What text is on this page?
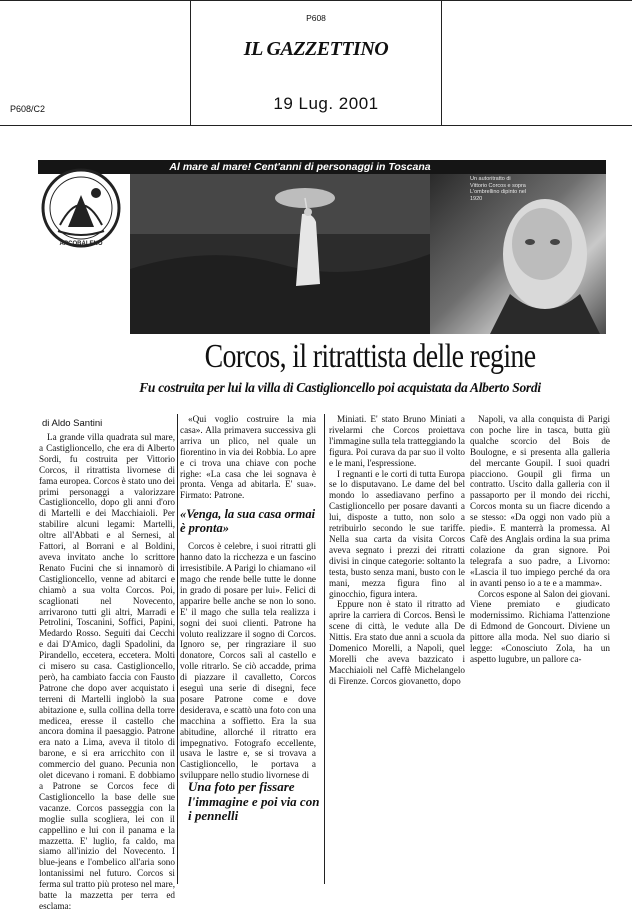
P608
IL GAZZETTINO
P608/C2	19 Lug. 2001
Al mare al mare! Cent'anni di personaggi in Toscana
ARCOBALENO
Un autoritratto di Vittorio Corcos e sopra L'ombrellino dipinto nel 1920
Corcos, il ritrattista delle regine
Fu costruita per lui la villa di Castiglioncello poi acquistata da Alberto Sordi
di Aldo Santini

La grande villa quadrata sul mare, a Castiglioncello, che era di Alberto Sordi, fu costruita per Vittorio Corcos, il ritrattista livornese di fama europea. Corcos è stato uno dei primi personaggi a valorizzare Castiglioncello, dopo gli anni d'oro di Martelli e dei Macchiaioli. Per stabilire alcuni legami: Martelli, oltre all'Abbati e al Sernesi, al Fattori, al Borrani e al Boldini, aveva invitato anche lo scrittore Renato Fucini che si innamorò di Castiglioncello, venne ad abitarci e chiamò a sua volta Corcos. Poi, scaglionati nel Novecento, arrivarono tutti gli altri, Marradi e Petrolini, Toscanini, Soffici, Papini, Medardo Rosso. Seguiti dai Cecchi e dai D'Amico, dagli Spadolini, da Pirandello, eccetera, eccetera. Molti ci misero su casa. Castiglioncello, però, ha cambiato faccia con Fausto Patrone che dopo aver acquistato i terreni di Martelli inglobò la sua abitazione e, sulla collina della torre medicea, eresse il castello che ancora domina il paesaggio. Patrone era nato a Lima, aveva il titolo di barone, e si era arricchito con il commercio del guano. Pecunia non olet dicevano i romani. E dobbiamo a Patrone se Corcos fece di Castiglioncello la base delle sue vacanze. Corcos passeggia con la moglie sulla scogliera, lei con il cappellino e lui con il panama e la mazzetta. E' luglio, fa caldo, ma siamo all'inizio del Novecento. I blue-jeans e l'ombelico all'aria sono lontanissimi nel futuro. Corcos si ferma sul tratto più proteso nel mare, batte la mazzetta per terra ed esclama:

«Qui voglio costruire la mia casa». Alla primavera successiva gli arriva un plico, nel quale un fiorentino in via dei Robbia. Lo apre e ci trova una chiave con poche righe: «La casa che lei sognava è pronta. Venga ad abitarla. E' sua». Firmato: Patrone.

«Venga, la sua casa ormai è pronta»

Corcos è celebre, i suoi ritratti gli hanno dato la ricchezza e un fascino irresistibile. A Parigi lo chiamano «il mago che rende belle tutte le donne in grado di posare per lui». Felici di apparire belle anche se non lo sono. E' il mago che sulla tela realizza i sogni dei suoi clienti. Patrone ha voluto realizzare il sogno di Corcos. Ignoro se, per ringraziare il suo donatore, Corcos salì al castello e volle ritrarlo. Se ciò accadde, prima di piazzare il cavalletto, Corcos eseguì una serie di disegni, fece posare Patrone come e dove desiderava, e scattò una foto con una macchina a soffietto. Era la sua abitudine, allorché il ritratto era impegnativo. Fotografo eccellente, usava le lastre e, se si trovava a Castiglioncello, le portava a sviluppare nello studio livornese di

Una foto per fissare l'immagine e poi via con i pennelli

Miniati. E' stato Bruno Miniati a rivelarmi che Corcos proiettava l'immagine sulla tela tratteggiando la figura. Poi curava da par suo il volto e le mani, l'espressione.

I regnanti e le corti di tutta Europa se lo disputavano. Le dame del bel mondo lo assediavano perfino a Castiglioncello per posare davanti a lui, disposte a tutto, non solo a retribuirlo secondo le sue tariffe. Nella sua carta da visita Corcos aveva segnato i prezzi dei ritratti divisi in cinque categorie: soltanto la testa, busto senza mani, busto con le mani, mezza figura fino al ginocchio, figura intera.

Eppure non è stato il ritratto ad aprire la carriera di Corcos. Bensì le scene di città, le vedute alla De Nittis. Era stato due anni a scuola da Domenico Morelli, a Napoli, quel Morelli che aveva bazzicato i Macchiaioli nel Caffè Michelangelo di Firenze. Corcos giovanetto, dopo

Napoli, va alla conquista di Parigi con poche lire in tasca, butta giù qualche scorcio del Bois de Boulogne, e si presenta alla galleria del mercante Goupil. I suoi quadri piacciono. Goupil gli firma un contratto. Uscito dalla galleria con il passaporto per il mondo dei ricchi, Corcos monta su un fiacre dicendo a se stesso: «Da oggi non vado più a piedi». E manterrà la promessa. Al Cafè des Anglais ordina la sua prima colazione da gran signore. Poi telegrafa a suo padre, a Livorno: «Lascia il tuo impiego perché da ora in avanti penso io a te e a mamma».

Corcos espone al Salon dei giovani. Viene premiato e giudicato modernissimo. Richiama l'attenzione di Edmond de Goncourt. Diviene un pittore alla moda. Nel suo diario si legge: «Conosciuto Zola, ha un aspetto lugubre, un pallore ca-
